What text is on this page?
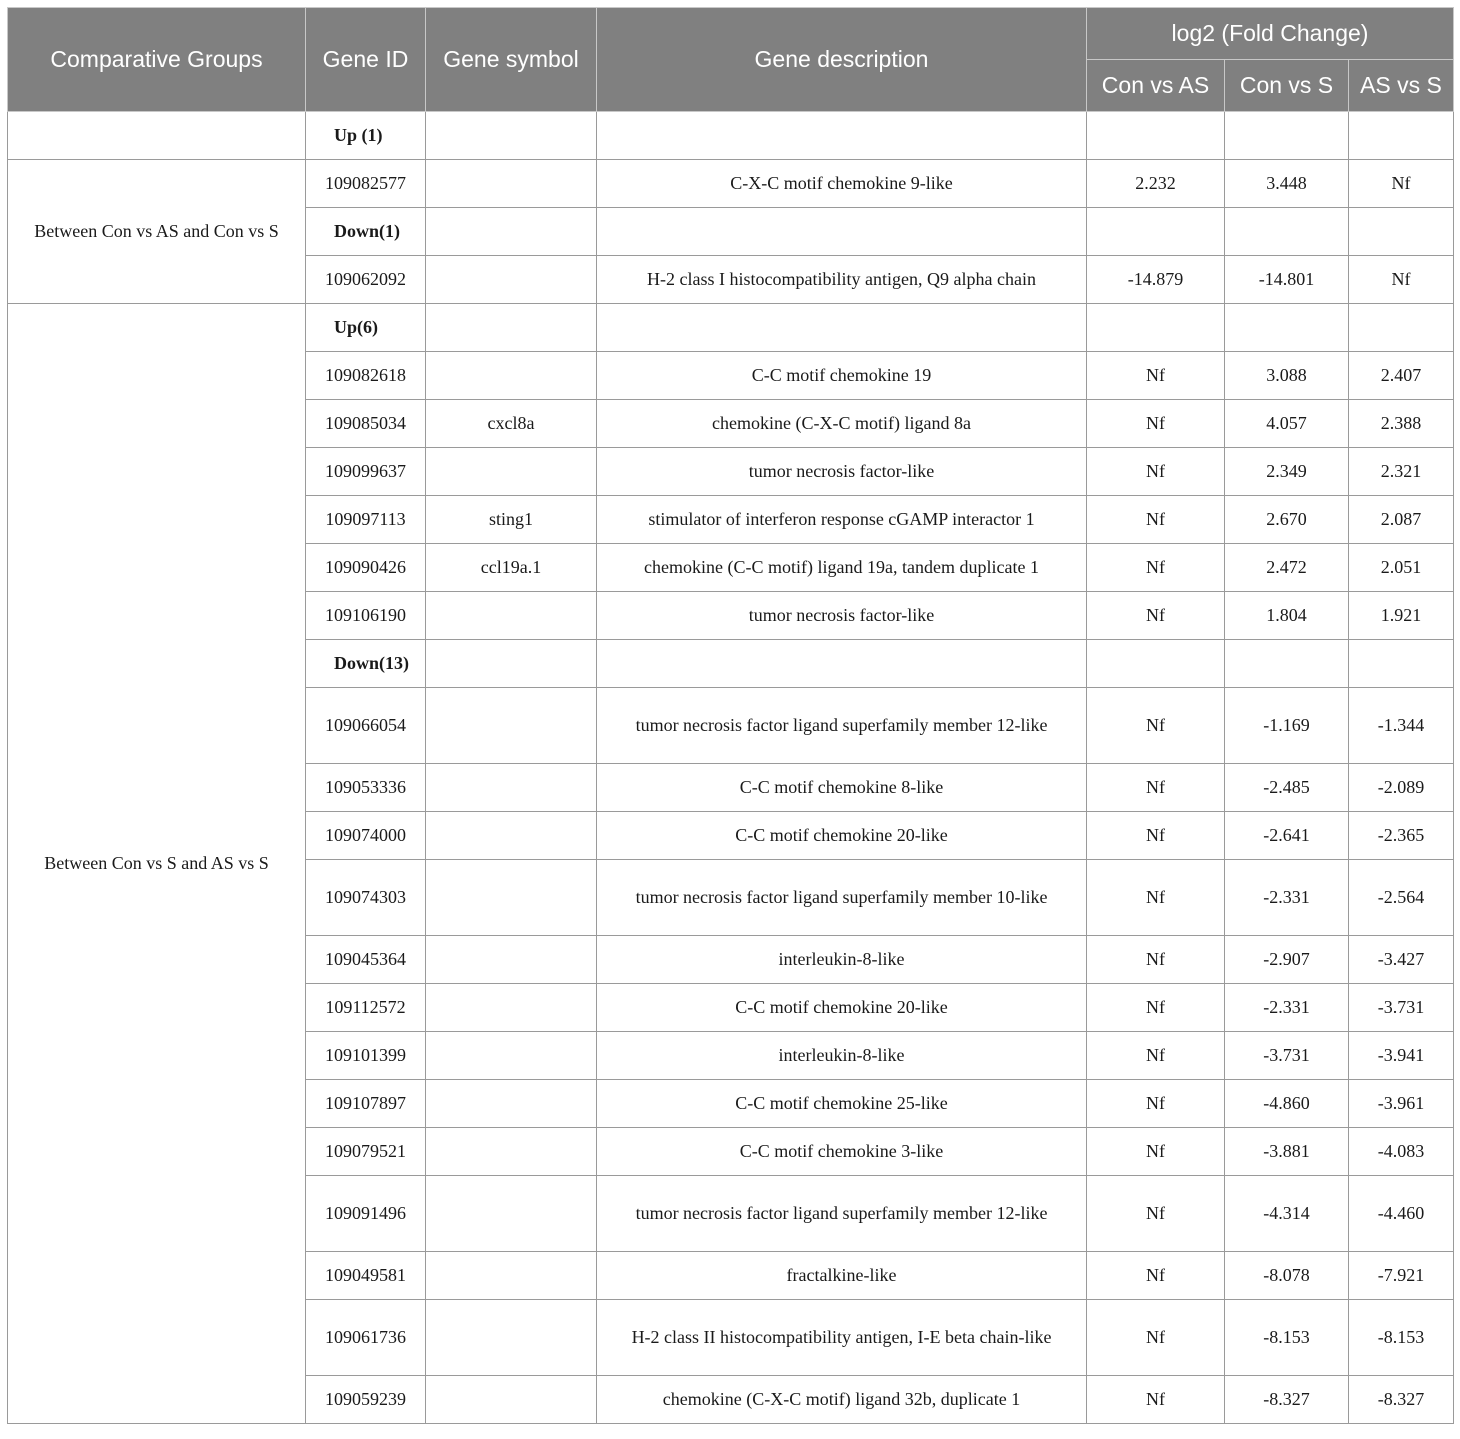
Comparative Groups	Gene ID	Gene symbol	Gene description	log2 (Fold Change)		
				Con vs AS	Con vs S	AS vs S
	Up (1)					
Between Con vs AS and Con vs S	109082577		C-X-C motif chemokine 9-like	2.232	3.448	Nf
	Down(1)					
	109062092		H-2 class I histocompatibility antigen, Q9 alpha chain	-14.879	-14.801	Nf
Between Con vs S and AS vs S	Up(6)					
	109082618		C-C motif chemokine 19	Nf	3.088	2.407
	109085034	cxcl8a	chemokine (C-X-C motif) ligand 8a	Nf	4.057	2.388
	109099637		tumor necrosis factor-like	Nf	2.349	2.321
	109097113	sting1	stimulator of interferon response cGAMP interactor 1	Nf	2.670	2.087
	109090426	ccl19a.1	chemokine (C-C motif) ligand 19a, tandem duplicate 1	Nf	2.472	2.051
	109106190		tumor necrosis factor-like	Nf	1.804	1.921
	Down(13)					
	109066054		tumor necrosis factor ligand superfamily member 12-like	Nf	-1.169	-1.344
	109053336		C-C motif chemokine 8-like	Nf	-2.485	-2.089
	109074000		C-C motif chemokine 20-like	Nf	-2.641	-2.365
	109074303		tumor necrosis factor ligand superfamily member 10-like	Nf	-2.331	-2.564
	109045364		interleukin-8-like	Nf	-2.907	-3.427
	109112572		C-C motif chemokine 20-like	Nf	-2.331	-3.731
	109101399		interleukin-8-like	Nf	-3.731	-3.941
	109107897		C-C motif chemokine 25-like	Nf	-4.860	-3.961
	109079521		C-C motif chemokine 3-like	Nf	-3.881	-4.083
	109091496		tumor necrosis factor ligand superfamily member 12-like	Nf	-4.314	-4.460
	109049581		fractalkine-like	Nf	-8.078	-7.921
	109061736		H-2 class II histocompatibility antigen, I-E beta chain-like	Nf	-8.153	-8.153
	109059239		chemokine (C-X-C motif) ligand 32b, duplicate 1	Nf	-8.327	-8.327
